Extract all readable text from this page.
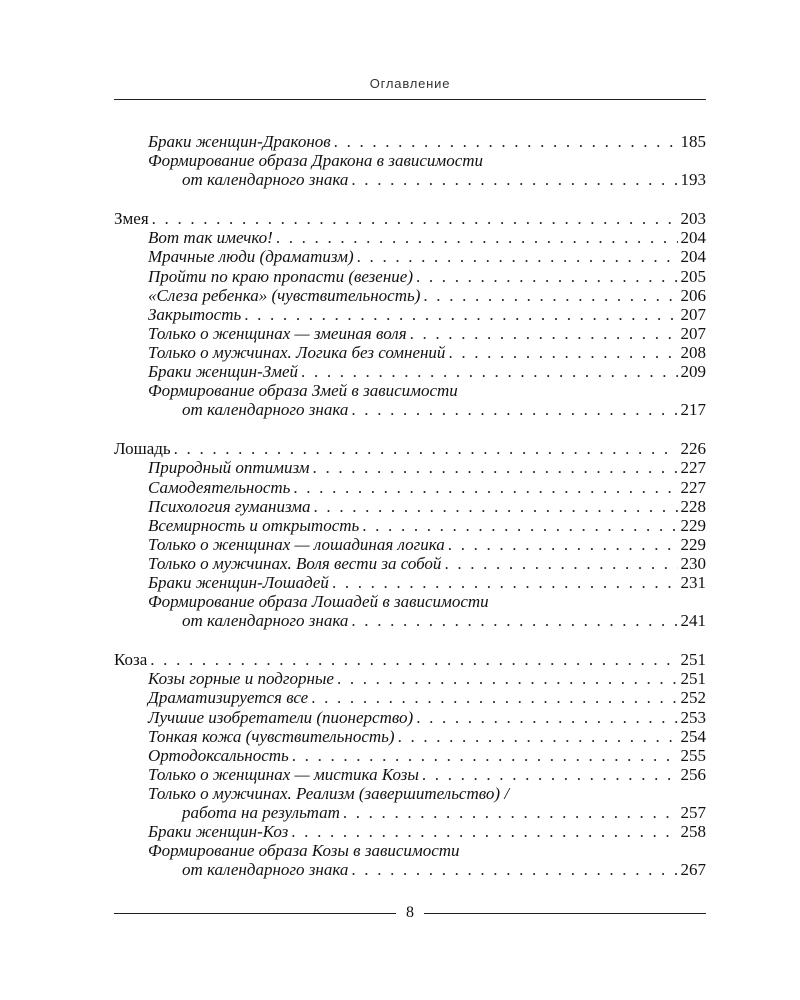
Оглавление
Браки женщин-Драконов . . .	185
Формирование образа Дракона в зависимости
от календарного знака . . .	193
Змея . . .	203
Вот так имечко! . . .	204
Мрачные люди (драматизм) . . .	204
Пройти по краю пропасти (везение) . . .	205
«Слеза ребенка» (чувствительность) . . .	206
Закрытость . . .	207
Только о женщинах — змеиная воля . . .	207
Только о мужчинах. Логика без сомнений . . .	208
Браки женщин-Змей . . .	209
Формирование образа Змей в зависимости
от календарного знака . . .	217
Лошадь . . .	226
Природный оптимизм . . .	227
Самодеятельность . . .	227
Психология гуманизма . . .	228
Всемирность и открытость . . .	229
Только о женщинах — лошадиная логика . . .	229
Только о мужчинах. Воля вести за собой . . .	230
Браки женщин-Лошадей . . .	231
Формирование образа Лошадей в зависимости
от календарного знака . . .	241
Коза . . .	251
Козы горные и подгорные . . .	251
Драматизируется все . . .	252
Лучшие изобретатели (пионерство) . . .	253
Тонкая кожа (чувствительность) . . .	254
Ортодоксальность . . .	255
Только о женщинах — мистика Козы . . .	256
Только о мужчинах. Реализм (завершительство) /
работа на результат . . .	257
Браки женщин-Коз . . .	258
Формирование образа Козы в зависимости
от календарного знака . . .	267
8
